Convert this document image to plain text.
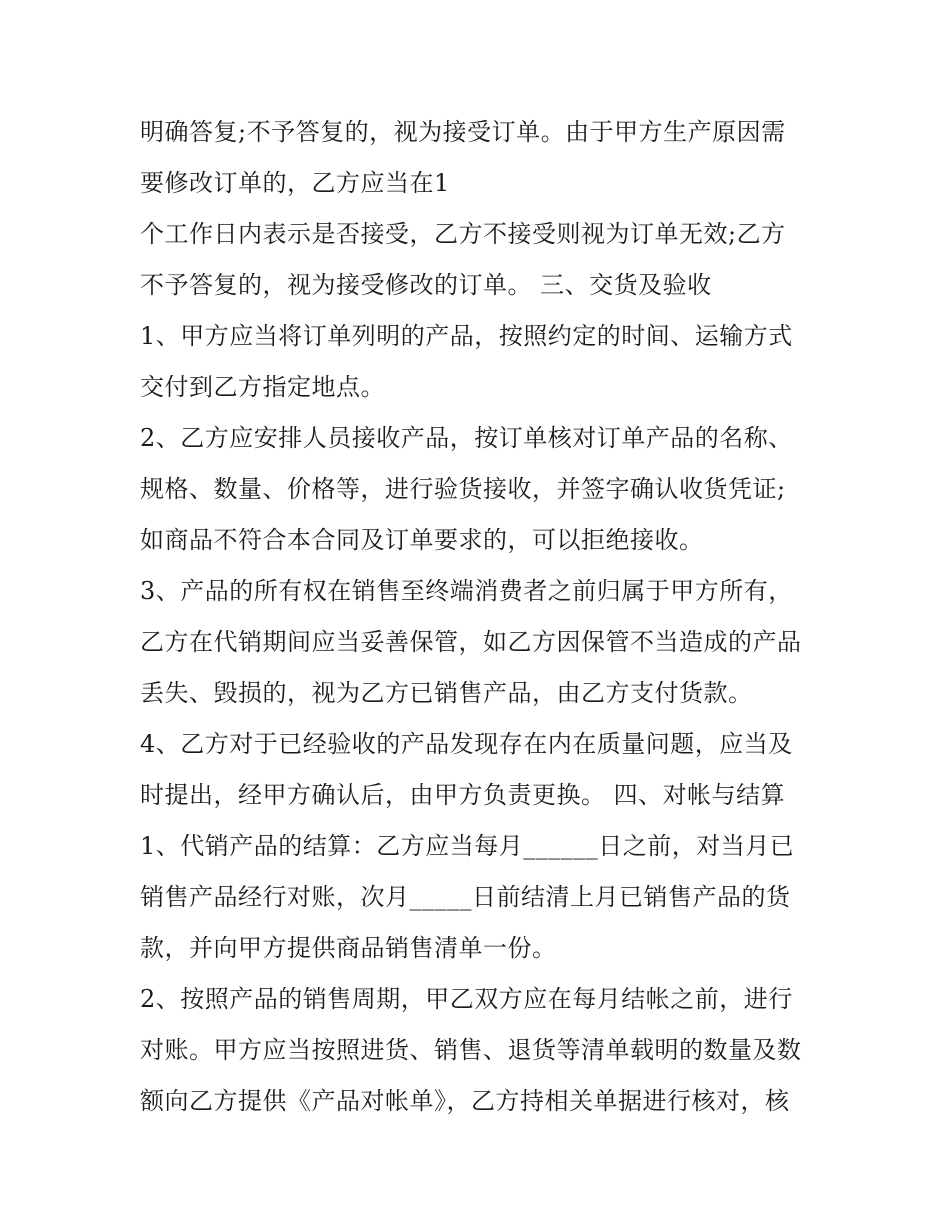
明确答复;不予答复的，视为接受订单。由于甲方生产原因需
要修改订单的，乙方应当在1
个工作日内表示是否接受，乙方不接受则视为订单无效;乙方
不予答复的，视为接受修改的订单。 三、交货及验收
1、甲方应当将订单列明的产品，按照约定的时间、运输方式
交付到乙方指定地点。
2、乙方应安排人员接收产品，按订单核对订单产品的名称、
规格、数量、价格等，进行验货接收，并签字确认收货凭证;
如商品不符合本合同及订单要求的，可以拒绝接收。
3、产品的所有权在销售至终端消费者之前归属于甲方所有，
乙方在代销期间应当妥善保管，如乙方因保管不当造成的产品
丢失、毁损的，视为乙方已销售产品，由乙方支付货款。
4、乙方对于已经验收的产品发现存在内在质量问题，应当及
时提出，经甲方确认后，由甲方负责更换。 四、对帐与结算
1、代销产品的结算：乙方应当每月______日之前，对当月已
销售产品经行对账，次月_____日前结清上月已销售产品的货
款，并向甲方提供商品销售清单一份。
2、按照产品的销售周期，甲乙双方应在每月结帐之前，进行
对账。甲方应当按照进货、销售、退货等清单载明的数量及数
额向乙方提供《产品对帐单》，乙方持相关单据进行核对，核
